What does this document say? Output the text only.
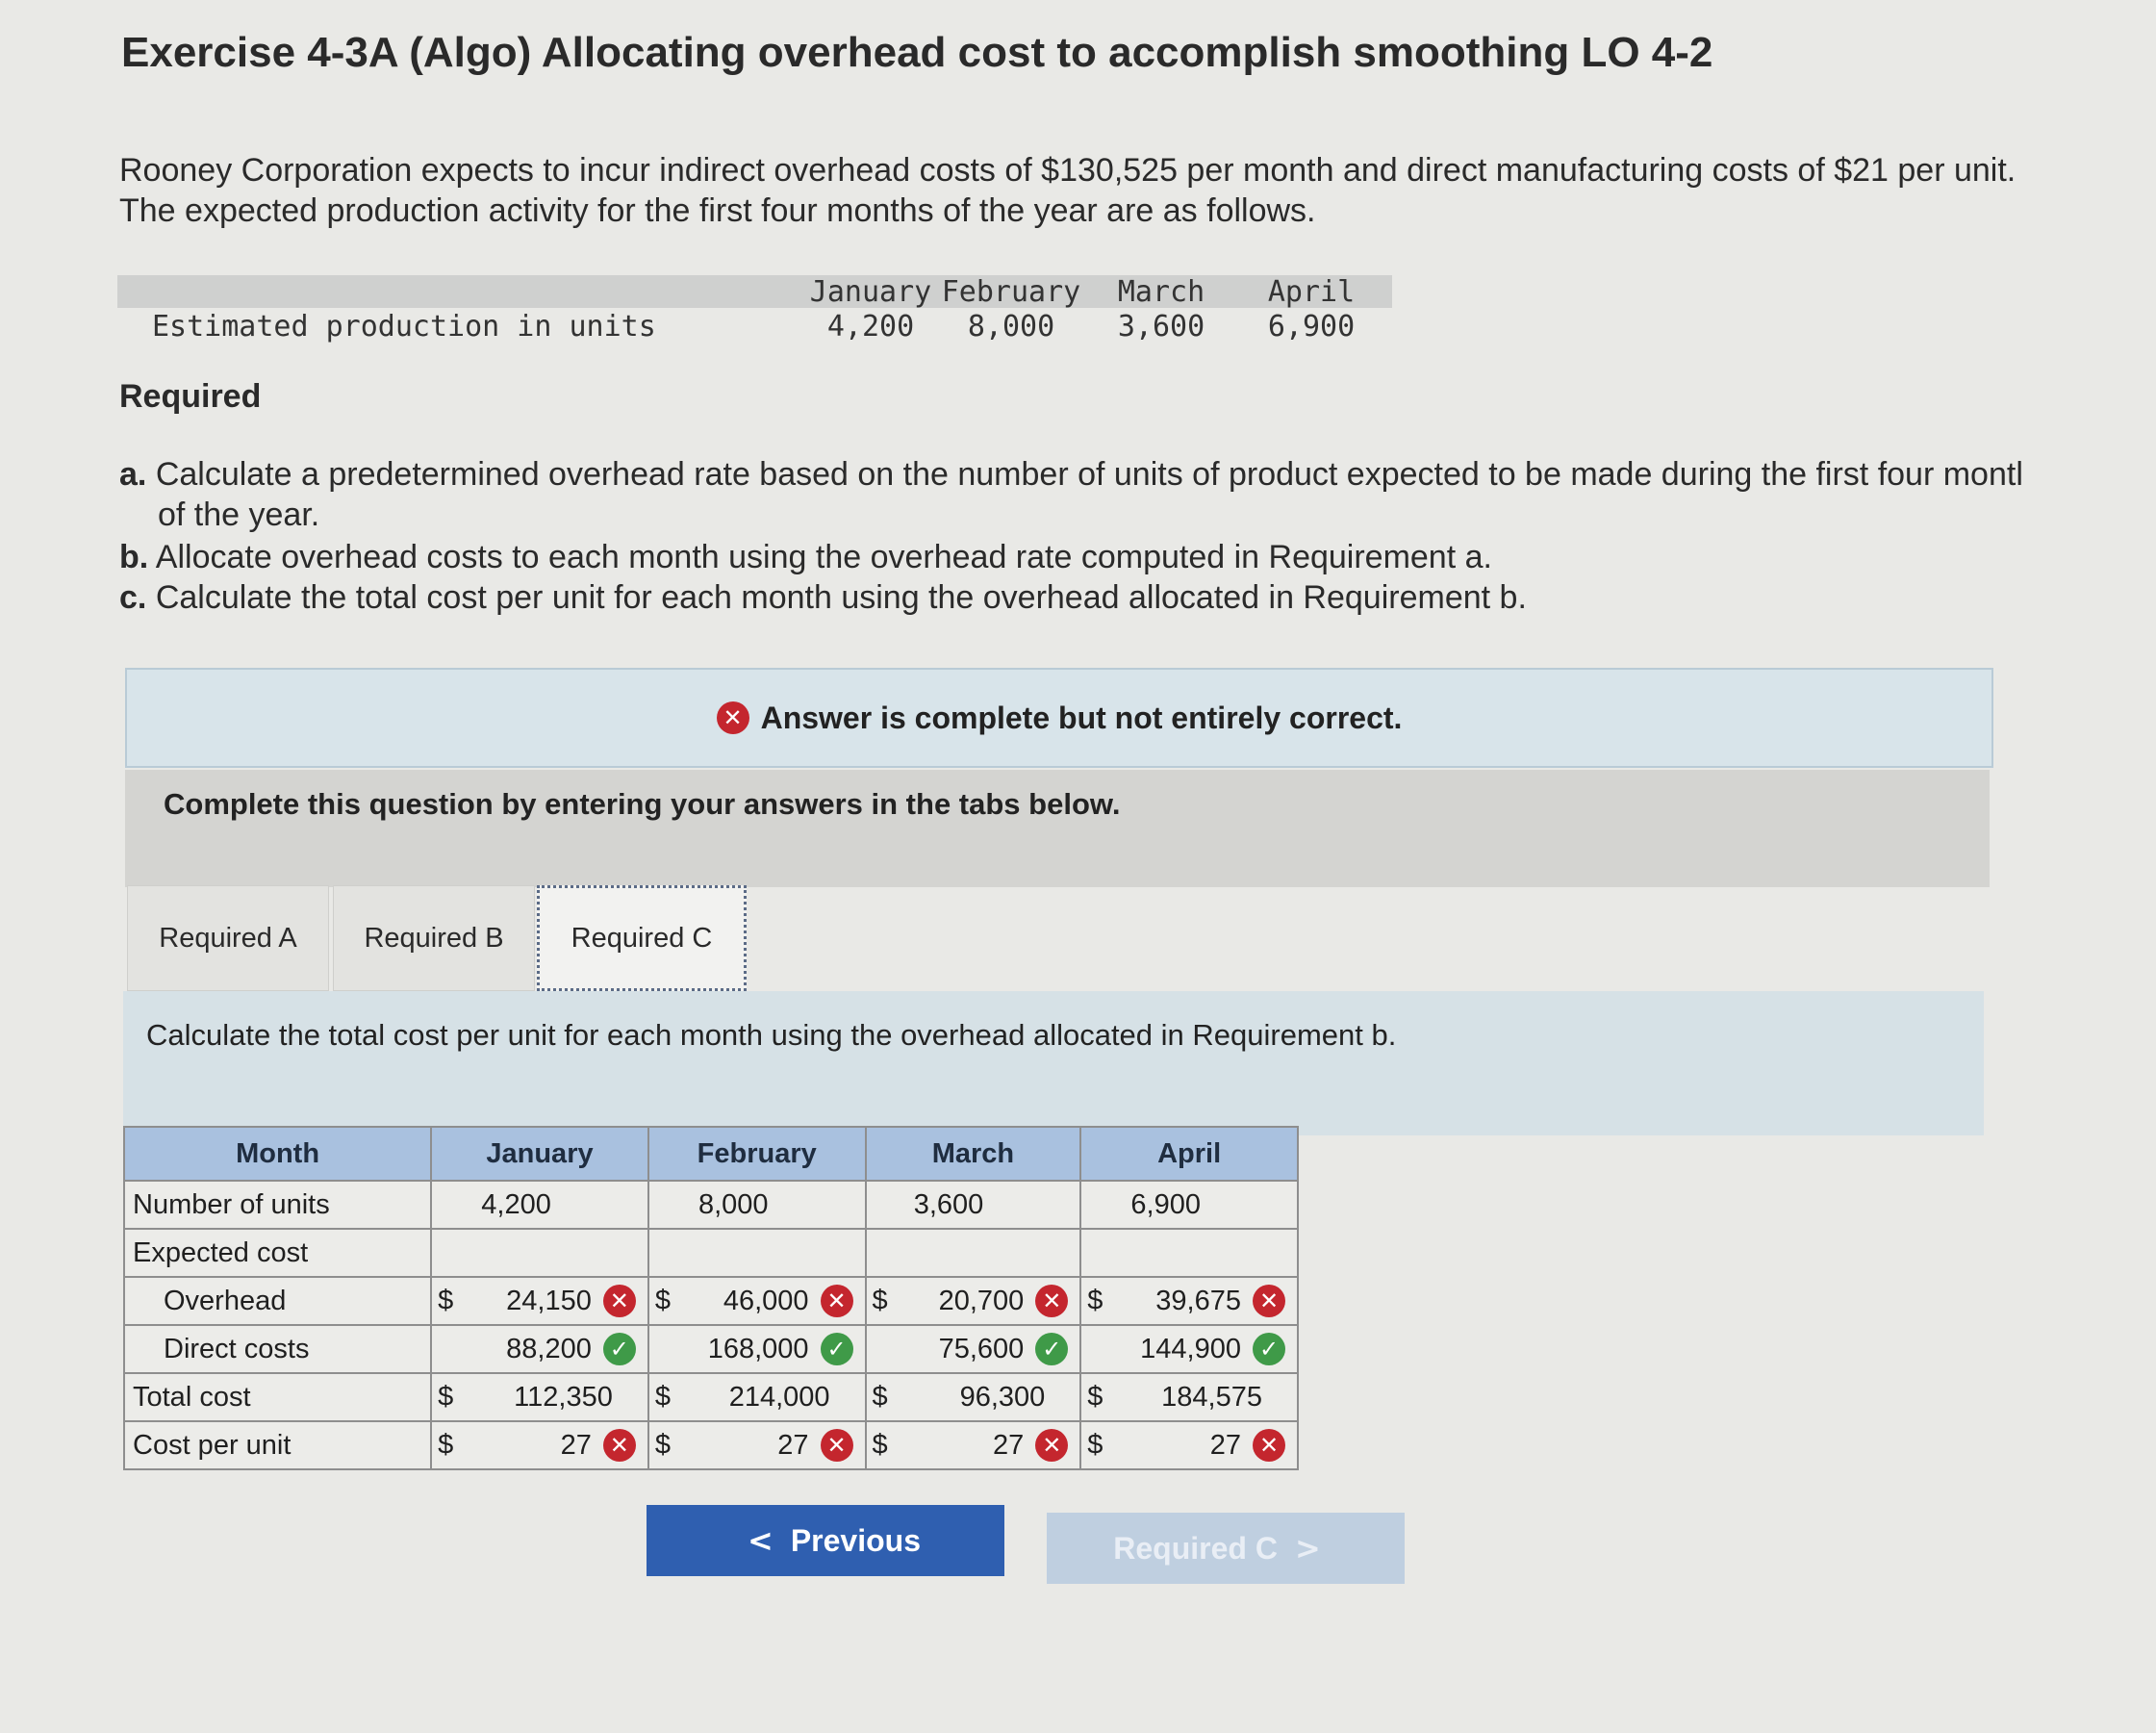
Exercise 4-3A (Algo) Allocating overhead cost to accomplish smoothing LO 4-2
Rooney Corporation expects to incur indirect overhead costs of $130,525 per month and direct manufacturing costs of $21 per unit.
The expected production activity for the first four months of the year are as follows.
Estimated production in units
January February	March	April
4,200	8,000	3,600	6,900
Required
a. Calculate a predetermined overhead rate based on the number of units of product expected to be made during the first four montl
of the year.
b. Allocate overhead costs to each month using the overhead rate computed in Requirement a.
c. Calculate the total cost per unit for each month using the overhead allocated in Requirement b.
✕ Answer is complete but not entirely correct.
Complete this question by entering your answers in the tabs below.
Required A	Required B	Required C
Calculate the total cost per unit for each month using the overhead allocated in Requirement b.
Month	January	February	March	April
Number of units	4,200	8,000	3,600	6,900
Expected cost				
Overhead	$ 24,150 ✕	$ 46,000 ✕	$ 20,700 ✕	$ 39,675 ✕

Direct costs	88,200 ✓	168,000 ✓	75,600 ✓	144,900 ✓

Total cost	$ 112,350	$ 214,000	$ 96,300	$ 184,575
Cost per unit	$ 27 ✕	$ 27 ✕	$ 27 ✕	$ 27 ✕
< Previous	Required C >
